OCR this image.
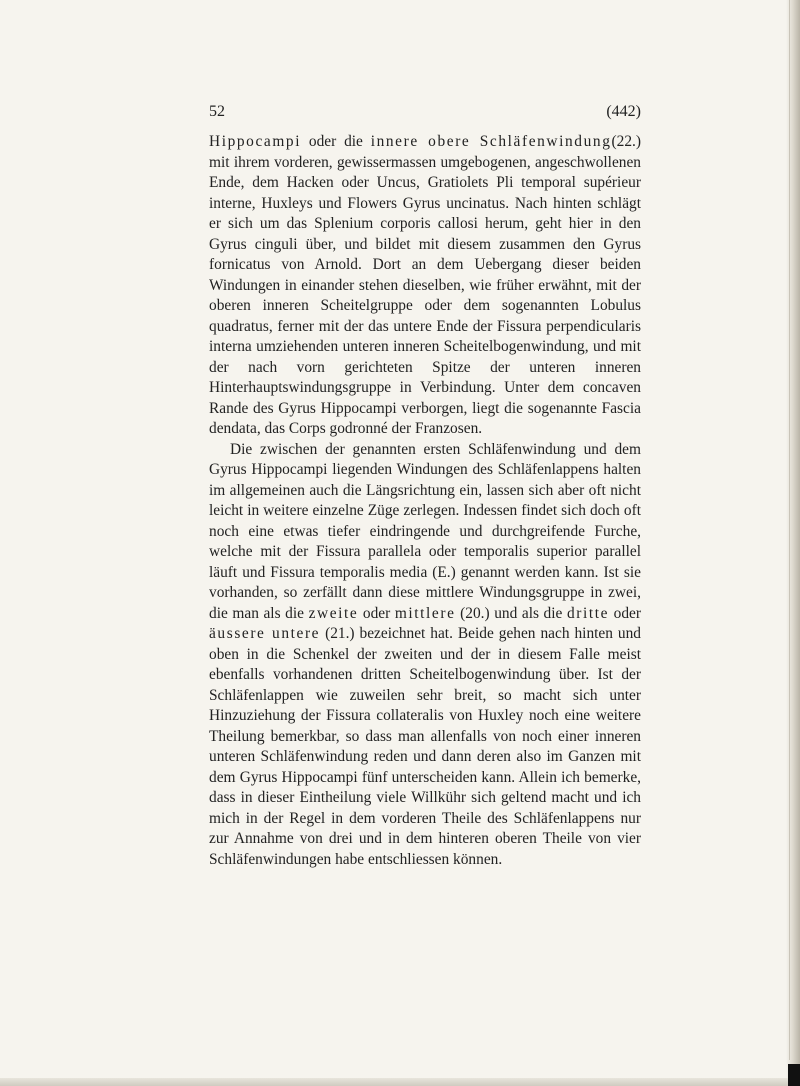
52	(442)

Hippocampi oder die innere obere Schläfenwindung(22.) mit ihrem vorderen, gewissermassen umgebogenen, angeschwollenen Ende, dem Hacken oder Uncus, Gratiolets Pli temporal supérieur interne, Huxleys und Flowers Gyrus uncinatus. Nach hinten schlägt er sich um das Splenium corporis callosi herum, geht hier in den Gyrus cinguli über, und bildet mit diesem zusammen den Gyrus fornicatus von Arnold. Dort an dem Uebergang dieser beiden Windungen in einander stehen dieselben, wie früher erwähnt, mit der oberen inneren Scheitelgruppe oder dem sogenannten Lobulus quadratus, ferner mit der das untere Ende der Fissura perpendicularis interna umziehenden unteren inneren Scheitelbogenwindung, und mit der nach vorn gerichteten Spitze der unteren inneren Hinterhauptswindungsgruppe in Verbindung. Unter dem concaven Rande des Gyrus Hippocampi verborgen, liegt die sogenannte Fascia dendata, das Corps godronné der Franzosen.

Die zwischen der genannten ersten Schläfenwindung und dem Gyrus Hippocampi liegenden Windungen des Schläfenlappens halten im allgemeinen auch die Längsrichtung ein, lassen sich aber oft nicht leicht in weitere einzelne Züge zerlegen. Indessen findet sich doch oft noch eine etwas tiefer eindringende und durchgreifende Furche, welche mit der Fissura parallela oder temporalis superior parallel läuft und Fissura temporalis media (E.) genannt werden kann. Ist sie vorhanden, so zerfällt dann diese mittlere Windungsgruppe in zwei, die man als die zweite oder mittlere (20.) und als die dritte oder äussere untere (21.) bezeichnet hat. Beide gehen nach hinten und oben in die Schenkel der zweiten und der in diesem Falle meist ebenfalls vorhandenen dritten Scheitelbogenwindung über. Ist der Schläfenlappen wie zuweilen sehr breit, so macht sich unter Hinzuziehung der Fissura collateralis von Huxley noch eine weitere Theilung bemerkbar, so dass man allenfalls von noch einer inneren unteren Schläfenwindung reden und dann deren also im Ganzen mit dem Gyrus Hippocampi fünf unterscheiden kann. Allein ich bemerke, dass in dieser Eintheilung viele Willkühr sich geltend macht und ich mich in der Regel in dem vorderen Theile des Schläfenlappens nur zur Annahme von drei und in dem hinteren oberen Theile von vier Schläfenwindungen habe entschliessen können.
